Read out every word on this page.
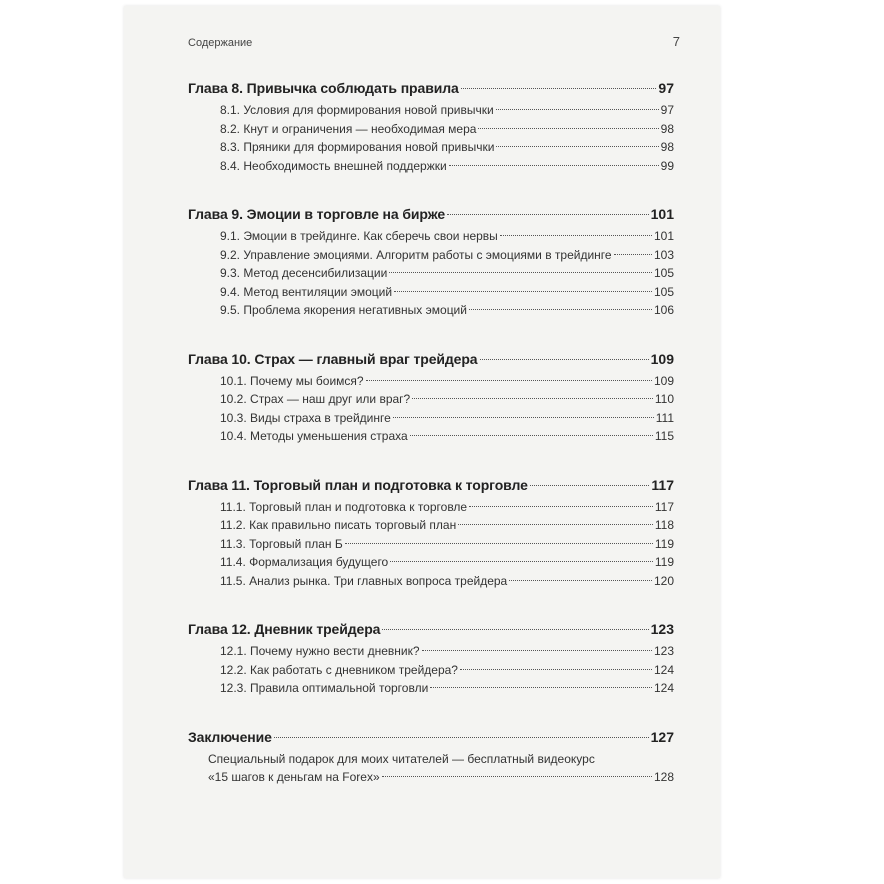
Содержание	7
Глава 8. Привычка соблюдать правила	97
8.1. Условия для формирования новой привычки	97
8.2. Кнут и ограничения — необходимая мера	98
8.3. Пряники для формирования новой привычки	98
8.4. Необходимость внешней поддержки	99
Глава 9. Эмоции в торговле на бирже	101
9.1. Эмоции в трейдинге. Как сберечь свои нервы	101
9.2. Управление эмоциями. Алгоритм работы с эмоциями в трейдинге	103
9.3. Метод десенсибилизации	105
9.4. Метод вентиляции эмоций	105
9.5. Проблема якорения негативных эмоций	106
Глава 10. Страх — главный враг трейдера	109
10.1. Почему мы боимся?	109
10.2. Страх — наш друг или враг?	110
10.3. Виды страха в трейдинге	111
10.4. Методы уменьшения страха	115
Глава 11. Торговый план и подготовка к торговле	117
11.1. Торговый план и подготовка к торговле	117
11.2. Как правильно писать торговый план	118
11.3. Торговый план Б	119
11.4. Формализация будущего	119
11.5. Анализ рынка. Три главных вопроса трейдера	120
Глава 12. Дневник трейдера	123
12.1. Почему нужно вести дневник?	123
12.2. Как работать с дневником трейдера?	124
12.3. Правила оптимальной торговли	124
Заключение	127
Специальный подарок для моих читателей — бесплатный видеокурс
«15 шагов к деньгам на Forex»	128
